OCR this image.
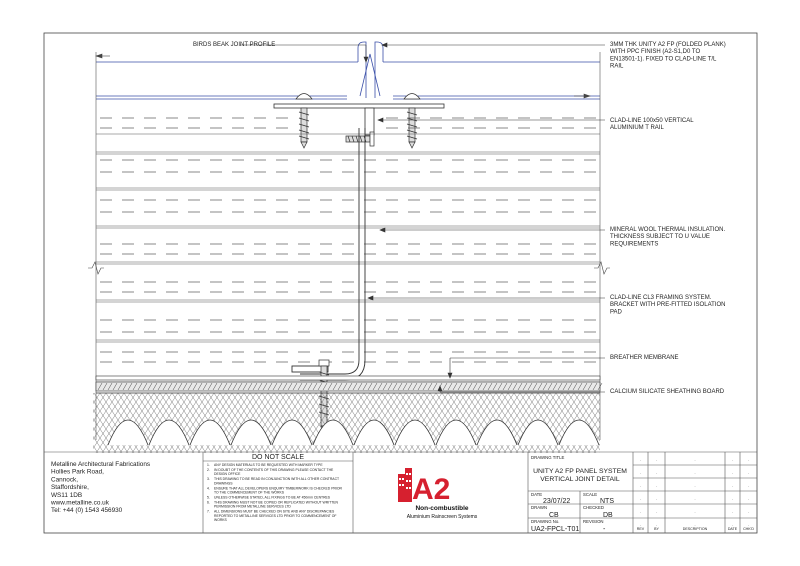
BIRDS BEAK JOINT PROFILE	3MM THK UNITY A2 FP (FOLDED PLANK) WITH PPC FINISH (A2-S1,D0 TO EN13501-1). FIXED TO CLAD-LINE T/L RAIL
CLAD-LINE 100x50 VERTICAL ALUMINIUM T RAIL
MINERAL WOOL THERMAL INSULATION. THICKNESS SUBJECT TO U VALUE REQUIREMENTS
CLAD-LINE CL3 FRAMING SYSTEM. BRACKET WITH PRE-FITTED ISOLATION PAD
BREATHER MEMBRANE
CALCIUM SILICATE SHEATHING BOARD
Metalline Architectural Fabrications
Hollies Park Road,
Cannock,
Staffordshire,
WS11 1DB
www.metalline.co.uk
Tel: +44 (0) 1543 456930
DO NOT SCALE
1. ANY DESIGN MATERIALS TO BE REQUESTED WITH MARKER TYPE
2. IN DOUBT OF THE CONTENTS OF THIS DRAWING PLEASE CONTACT THE DESIGN OFFICE
3. THIS DRAWING TO BE READ IN CONJUNCTION WITH ALL OTHER CONTRACT DRAWINGS
4. ENSURE THAT ALL DEVELOPERS ENQUIRY TIMBERWORK IS CHECKED PRIOR TO THE COMMENCEMENT OF THE WORKS
5. UNLESS OTHERWISE STATED, ALL FIXINGS TO BE AT 450mm CENTRES
6. THIS DRAWING MUST NOT BE COPIED OR REPLICATED WITHOUT WRITTEN PERMISSION FROM METALLINE SERVICES LTD
7. ALL DIMENSIONS MUST BE CHECKED ON SITE AND ANY DISCREPANCIES REPORTED TO METALLINE SERVICES LTD PRIOR TO COMMENCEMENT OF WORKS
A2
Non-combustible
Aluminium Rainscreen Systems
DRAWING TITLE
UNITY A2 FP PANEL SYSTEM
VERTICAL JOINT DETAIL
DATE
23/07/22
SCALE
NTS
DRAWN
CB
CHECKED
DB
DRAWING No.
UA2-FPCL-T01
REVISION
-	REV	BY	DESCRIPTION	DATE CHK'D
-	-	-	-	-
-	-	-	-	-
-	-	-	-	-
-	-	-	-	-
-	-	-	-	-
-	-	-	-	-
